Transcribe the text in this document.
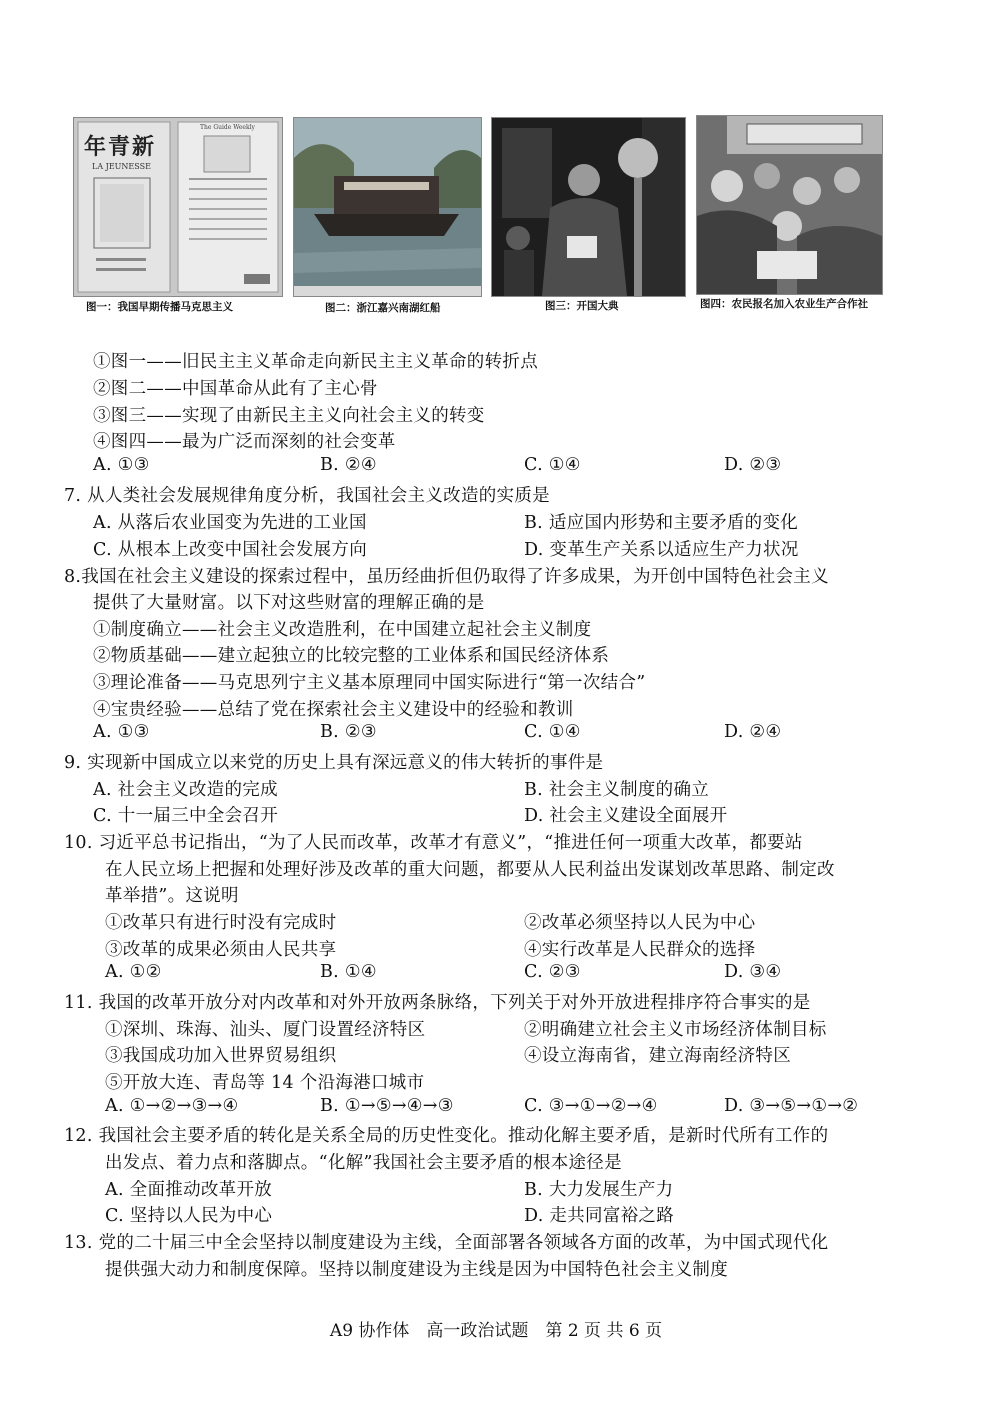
年青新
LA JEUNESSE
The Guide Weekly
图一：我国早期传播马克思主义	图二：浙江嘉兴南湖红船	图三：开国大典	图四：农民报名加入农业生产合作社
①图一——旧民主主义革命走向新民主主义革命的转折点
②图二——中国革命从此有了主心骨
③图三——实现了由新民主主义向社会主义的转变
④图四——最为广泛而深刻的社会变革
A. ①③	B. ②④	C. ①④	D. ②③
7. 从人类社会发展规律角度分析，我国社会主义改造的实质是
A. 从落后农业国变为先进的工业国	B. 适应国内形势和主要矛盾的变化
C. 从根本上改变中国社会发展方向	D. 变革生产关系以适应生产力状况
8.我国在社会主义建设的探索过程中，虽历经曲折但仍取得了许多成果，为开创中国特色社会主义
提供了大量财富。以下对这些财富的理解正确的是
①制度确立——社会主义改造胜利，在中国建立起社会主义制度
②物质基础——建立起独立的比较完整的工业体系和国民经济体系
③理论准备——马克思列宁主义基本原理同中国实际进行“第一次结合”
④宝贵经验——总结了党在探索社会主义建设中的经验和教训
A. ①③	B. ②③	C. ①④	D. ②④
9. 实现新中国成立以来党的历史上具有深远意义的伟大转折的事件是
A. 社会主义改造的完成	B. 社会主义制度的确立
C. 十一届三中全会召开	D. 社会主义建设全面展开
10. 习近平总书记指出，“为了人民而改革，改革才有意义”，“推进任何一项重大改革，都要站
在人民立场上把握和处理好涉及改革的重大问题，都要从人民利益出发谋划改革思路、制定改
革举措”。这说明
①改革只有进行时没有完成时	②改革必须坚持以人民为中心
③改革的成果必须由人民共享	④实行改革是人民群众的选择
A. ①②	B. ①④	C. ②③	D. ③④
11. 我国的改革开放分对内改革和对外开放两条脉络，下列关于对外开放进程排序符合事实的是
①深圳、珠海、汕头、厦门设置经济特区	②明确建立社会主义市场经济体制目标
③我国成功加入世界贸易组织	④设立海南省，建立海南经济特区
⑤开放大连、青岛等 14 个沿海港口城市
A. ①→②→③→④	B. ①→⑤→④→③	C. ③→①→②→④	D. ③→⑤→①→②
12. 我国社会主要矛盾的转化是关系全局的历史性变化。推动化解主要矛盾，是新时代所有工作的
出发点、着力点和落脚点。“化解”我国社会主要矛盾的根本途径是
A. 全面推动改革开放	B. 大力发展生产力
C. 坚持以人民为中心	D. 走共同富裕之路
13. 党的二十届三中全会坚持以制度建设为主线，全面部署各领域各方面的改革，为中国式现代化
提供强大动力和制度保障。坚持以制度建设为主线是因为中国特色社会主义制度
A9 协作体　高一政治试题　第 2 页 共 6 页
